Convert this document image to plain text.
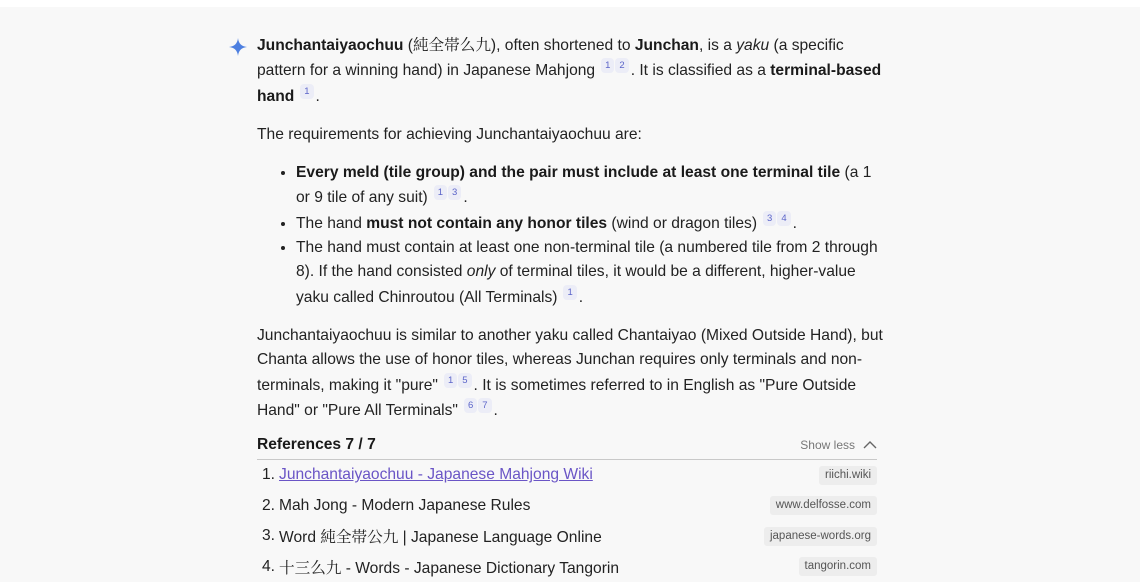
Junchantaiyaochuu (純全帯么九), often shortened to Junchan, is a yaku (a specific pattern for a winning hand) in Japanese Mahjong 1 2 . It is classified as a terminal-based hand 1 .

The requirements for achieving Junchantaiyaochuu are:

• Every meld (tile group) and the pair must include at least one terminal tile (a 1 or 9 tile of any suit) 1 3 .
• The hand must not contain any honor tiles (wind or dragon tiles) 3 4 .
• The hand must contain at least one non-terminal tile (a numbered tile from 2 through 8). If the hand consisted only of terminal tiles, it would be a different, higher-value yaku called Chinroutou (All Terminals) 1 .

Junchantaiyaochuu is similar to another yaku called Chantaiyao (Mixed Outside Hand), but Chanta allows the use of honor tiles, whereas Junchan requires only terminals and non-terminals, making it "pure" 1 5 . It is sometimes referred to in English as "Pure Outside Hand" or "Pure All Terminals" 6 7 .

References 7 / 7	Show less
1. Junchantaiyaochuu - Japanese Mahjong Wiki	riichi.wiki
2. Mah Jong - Modern Japanese Rules	www.delfosse.com
3. Word 純全帯公九 | Japanese Language Online	japanese-words.org
4. 十三么九 - Words - Japanese Dictionary Tangorin	tangorin.com
